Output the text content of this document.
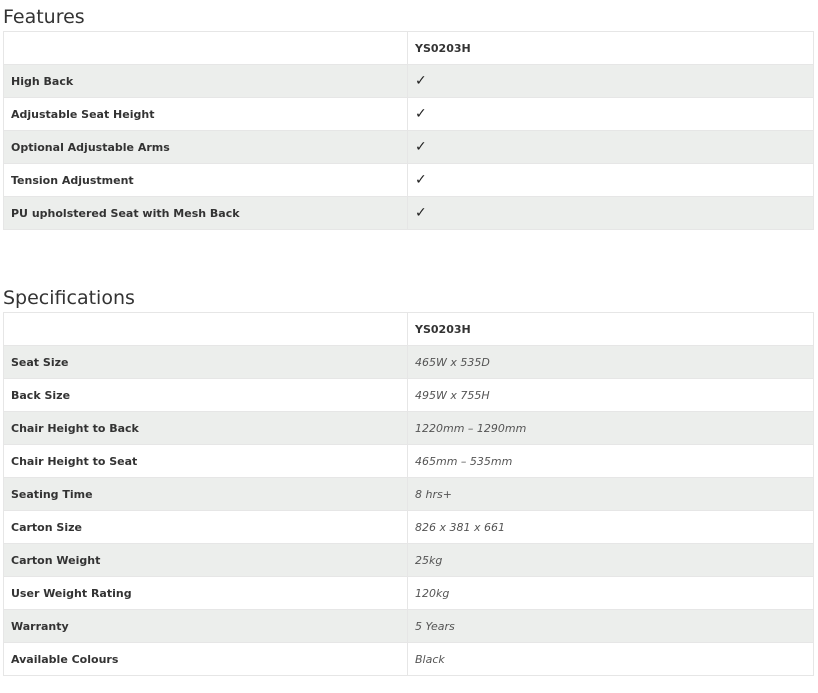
Features
	YS0203H
High Back	✓
Adjustable Seat Height	✓
Optional Adjustable Arms	✓
Tension Adjustment	✓
PU upholstered Seat with Mesh Back	✓
Specifications
	YS0203H
Seat Size	465W x 535D
Back Size	495W x 755H
Chair Height to Back	1220mm – 1290mm
Chair Height to Seat	465mm – 535mm
Seating Time	8 hrs+
Carton Size	826 x 381 x 661
Carton Weight	25kg
User Weight Rating	120kg
Warranty	5 Years
Available Colours	Black
